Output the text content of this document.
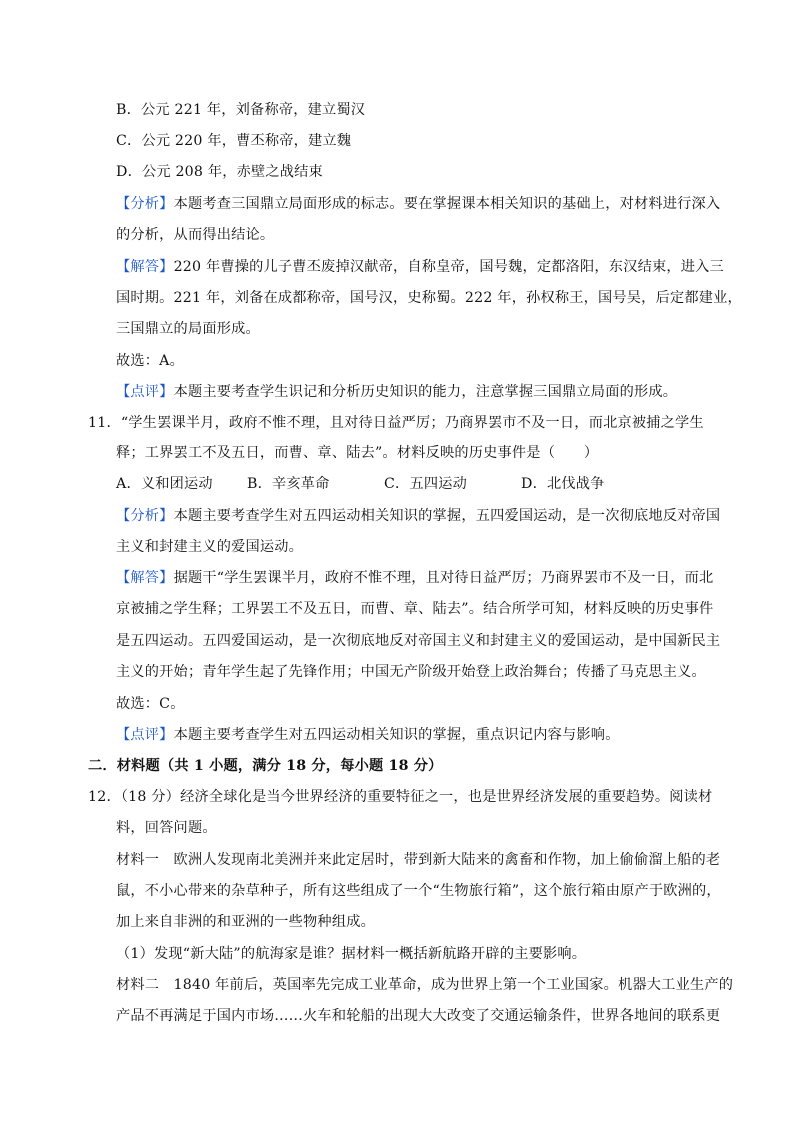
B．公元 221 年，刘备称帝，建立蜀汉
C．公元 220 年，曹丕称帝，建立魏
D．公元 208 年，赤壁之战结束
【分析】本题考查三国鼎立局面形成的标志。要在掌握课本相关知识的基础上，对材料进行深入
的分析，从而得出结论。
【解答】220 年曹操的儿子曹丕废掉汉献帝，自称皇帝，国号魏，定都洛阳，东汉结束，进入三
国时期。221 年，刘备在成都称帝，国号汉，史称蜀。222 年，孙权称王，国号吴，后定都建业，
三国鼎立的局面形成。
故选：A。
【点评】本题主要考查学生识记和分析历史知识的能力，注意掌握三国鼎立局面的形成。
11．“学生罢课半月，政府不惟不理，且对待日益严厉；乃商界罢市不及一日，而北京被捕之学生
释；工界罢工不及五日，而曹、章、陆去”。材料反映的历史事件是（　　）
A．义和团运动 B．辛亥革命	C．五四运动	D．北伐战争
【分析】本题主要考查学生对五四运动相关知识的掌握，五四爱国运动，是一次彻底地反对帝国
主义和封建主义的爱国运动。
【解答】据题干“学生罢课半月，政府不惟不理，且对待日益严厉；乃商界罢市不及一日，而北
京被捕之学生释；工界罢工不及五日，而曹、章、陆去”。结合所学可知，材料反映的历史事件
是五四运动。五四爱国运动，是一次彻底地反对帝国主义和封建主义的爱国运动，是中国新民主
主义的开始；青年学生起了先锋作用；中国无产阶级开始登上政治舞台；传播了马克思主义。
故选：C。
【点评】本题主要考查学生对五四运动相关知识的掌握，重点识记内容与影响。
二．材料题（共 1 小题，满分 18 分，每小题 18 分）
12．（18 分）经济全球化是当今世界经济的重要特征之一，也是世界经济发展的重要趋势。阅读材
料，回答问题。
材料一　欧洲人发现南北美洲并来此定居时，带到新大陆来的禽畜和作物，加上偷偷溜上船的老
鼠，不小心带来的杂草种子，所有这些组成了一个“生物旅行箱”，这个旅行箱由原产于欧洲的，
加上来自非洲的和亚洲的一些物种组成。
（1）发现“新大陆”的航海家是谁？据材料一概括新航路开辟的主要影响。
材料二　1840 年前后，英国率先完成工业革命，成为世界上第一个工业国家。机器大工业生产的
产品不再满足于国内市场……火车和轮船的出现大大改变了交通运输条件，世界各地间的联系更
